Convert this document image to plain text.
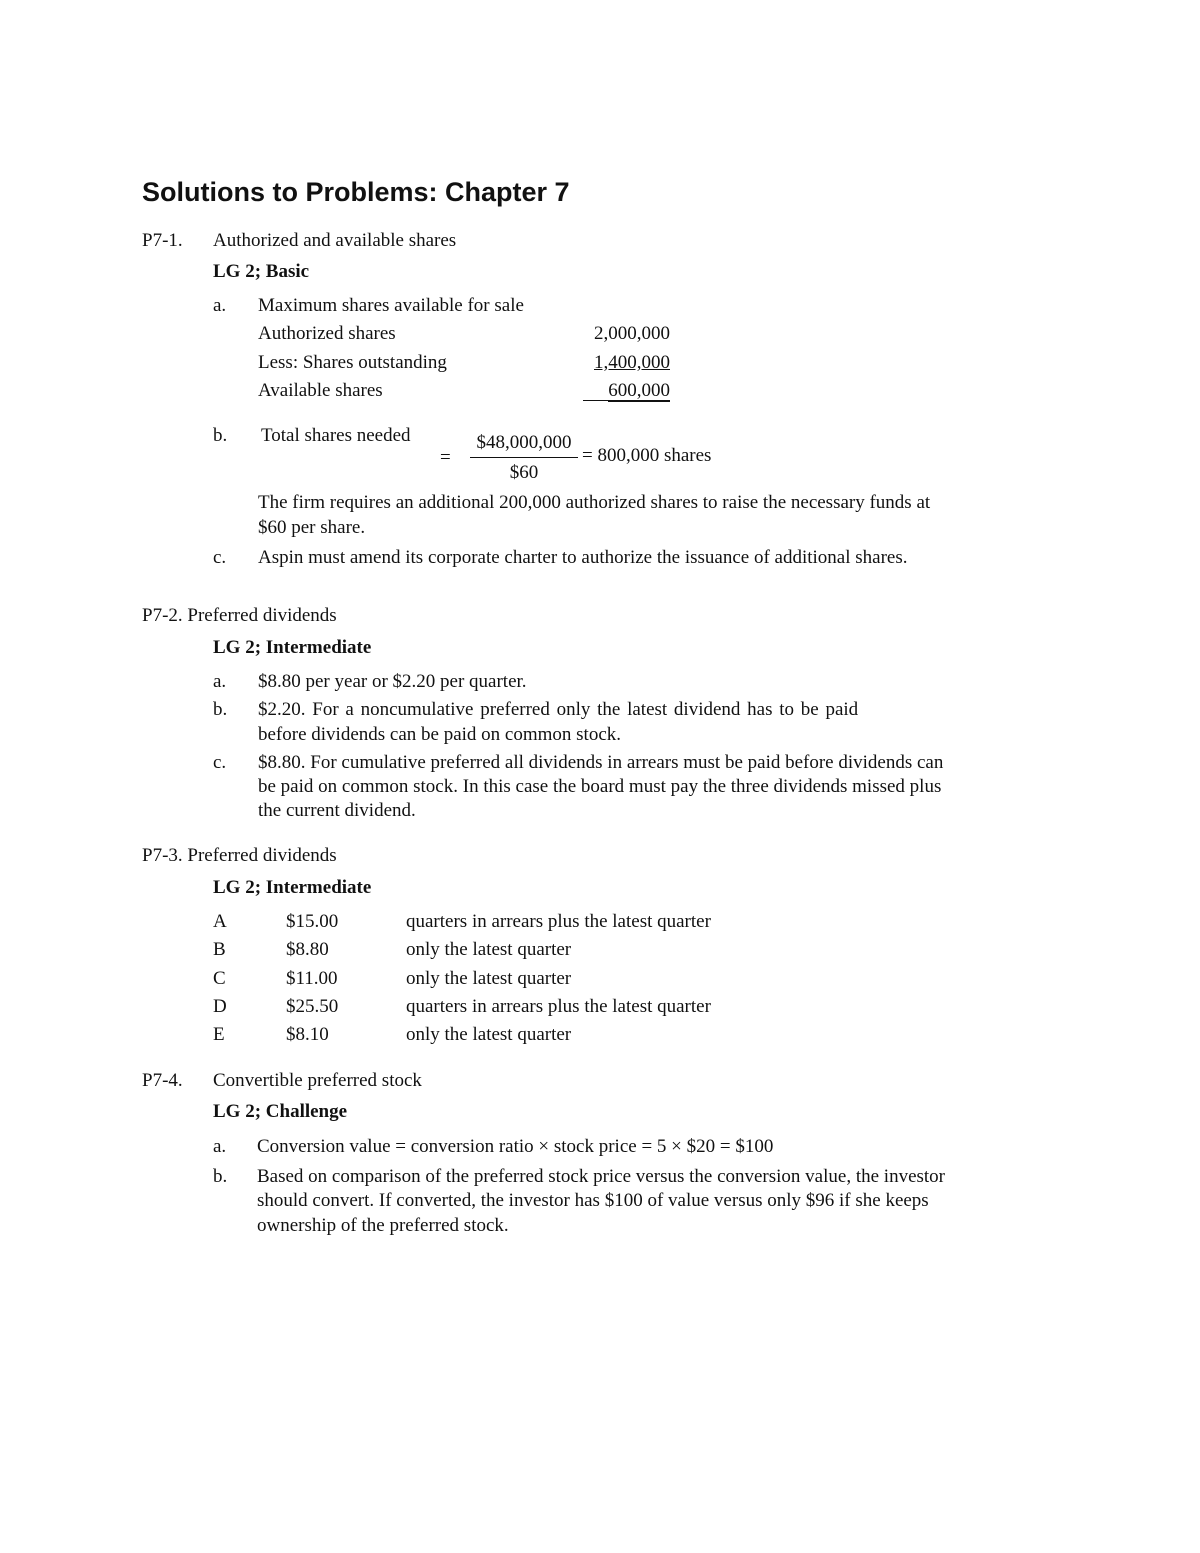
Solutions to Problems: Chapter 7
P7-1. Authorized and available shares
LG 2; Basic
a. Maximum shares available for sale
Authorized shares	2,000,000
Less: Shares outstanding	1,400,000
Available shares	600,000
b. Total shares needed
=
$48,000,000
$60
= 800,000 shares
The firm requires an additional 200,000 authorized shares to raise the necessary funds at
$60 per share.
c. Aspin must amend its corporate charter to authorize the issuance of additional shares.
P7-2. Preferred dividends
LG 2; Intermediate
a. $8.80 per year or $2.20 per quarter.
b. $2.20. For a noncumulative preferred only the latest dividend has to be paid
before dividends can be paid on common stock.
c. $8.80. For cumulative preferred all dividends in arrears must be paid before dividends can
be paid on common stock. In this case the board must pay the three dividends missed plus
the current dividend.
P7-3. Preferred dividends
LG 2; Intermediate
A	$15.00	quarters in arrears plus the latest quarter
B	$8.80	only the latest quarter
C	$11.00	only the latest quarter
D	$25.50	quarters in arrears plus the latest quarter
E	$8.10	only the latest quarter
P7-4. Convertible preferred stock
LG 2; Challenge
a. Conversion value = conversion ratio × stock price = 5 × $20 = $100
b. Based on comparison of the preferred stock price versus the conversion value, the investor
should convert. If converted, the investor has $100 of value versus only $96 if she keeps
ownership of the preferred stock.
